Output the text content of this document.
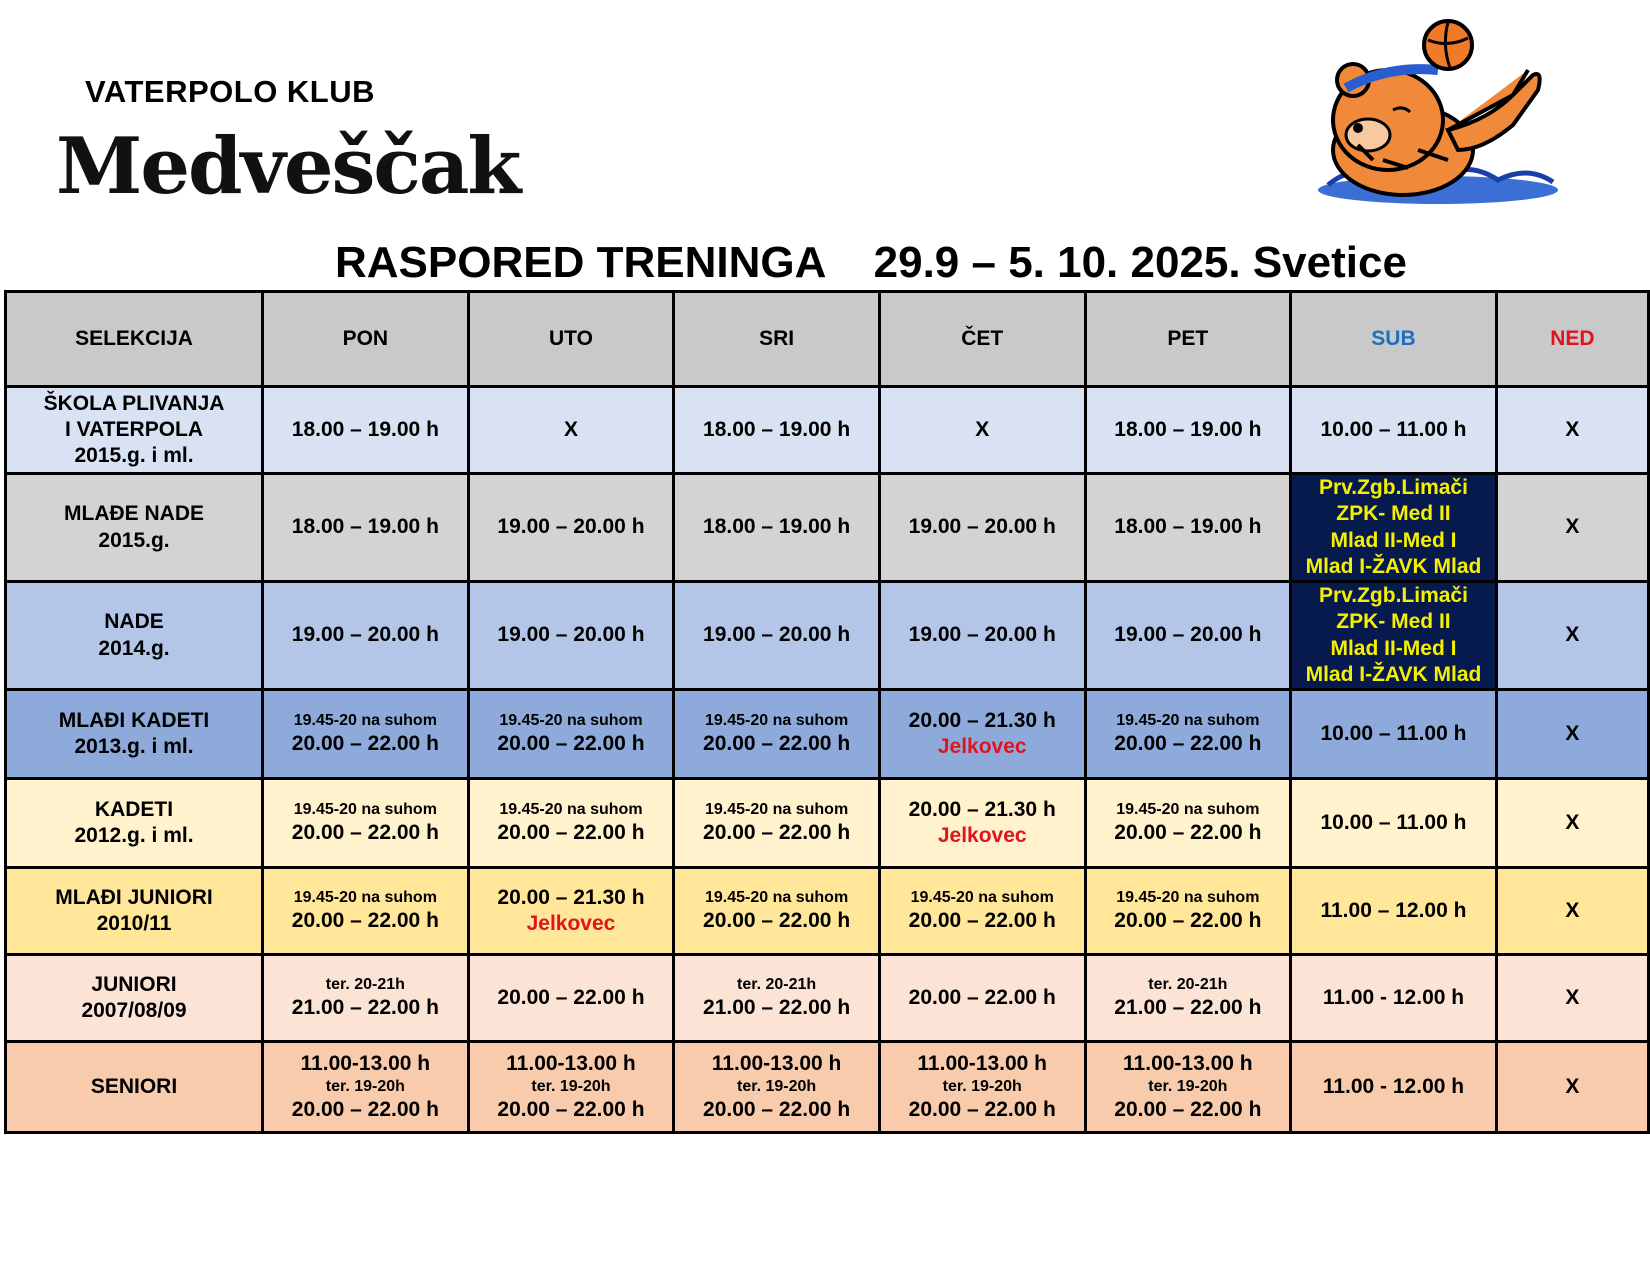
VATERPOLO KLUB
Medveščak
RASPORED TRENINGA    29.9 – 5. 10. 2025. Svetice
SELEKCIJA	PON	UTO	SRI	ČET	PET	SUB	NED

ŠKOLA PLIVANJA
I VATERPOLA
2015.g. i ml.	18.00 – 19.00 h	X	18.00 – 19.00 h	X	18.00 – 19.00 h	10.00 – 11.00 h	X

MLAĐE NADE
2015.g.	18.00 – 19.00 h	19.00 – 20.00 h	18.00 – 19.00 h	19.00 – 20.00 h	18.00 – 19.00 h	Prv.Zgb.Limači
ZPK- Med II
Mlad II-Med I
Mlad I-ŽAVK Mlad	X

NADE
2014.g.	19.00 – 20.00 h	19.00 – 20.00 h	19.00 – 20.00 h	19.00 – 20.00 h	19.00 – 20.00 h	Prv.Zgb.Limači
ZPK- Med II
Mlad II-Med I
Mlad I-ŽAVK Mlad	X

MLAĐI KADETI
2013.g. i ml.	19.45-20 na suhom
20.00 – 22.00 h	19.45-20 na suhom
20.00 – 22.00 h	19.45-20 na suhom
20.00 – 22.00 h	20.00 – 21.30 h
Jelkovec	19.45-20 na suhom
20.00 – 22.00 h	10.00 – 11.00 h	X

KADETI
2012.g. i ml.	19.45-20 na suhom
20.00 – 22.00 h	19.45-20 na suhom
20.00 – 22.00 h	19.45-20 na suhom
20.00 – 22.00 h	20.00 – 21.30 h
Jelkovec	19.45-20 na suhom
20.00 – 22.00 h	10.00 – 11.00 h	X

MLAĐI JUNIORI
2010/11	19.45-20 na suhom
20.00 – 22.00 h	20.00 – 21.30 h
Jelkovec	19.45-20 na suhom
20.00 – 22.00 h	19.45-20 na suhom
20.00 – 22.00 h	19.45-20 na suhom
20.00 – 22.00 h	11.00 – 12.00 h	X

JUNIORI
2007/08/09	ter. 20-21h
21.00 – 22.00 h	20.00 – 22.00 h	ter. 20-21h
21.00 – 22.00 h	20.00 – 22.00 h	ter. 20-21h
21.00 – 22.00 h	11.00 - 12.00 h	X

SENIORI	11.00-13.00 h
ter. 19-20h
20.00 – 22.00 h	11.00-13.00 h
ter. 19-20h
20.00 – 22.00 h	11.00-13.00 h
ter. 19-20h
20.00 – 22.00 h	11.00-13.00 h
ter. 19-20h
20.00 – 22.00 h	11.00-13.00 h
ter. 19-20h
20.00 – 22.00 h	11.00 - 12.00 h	X
